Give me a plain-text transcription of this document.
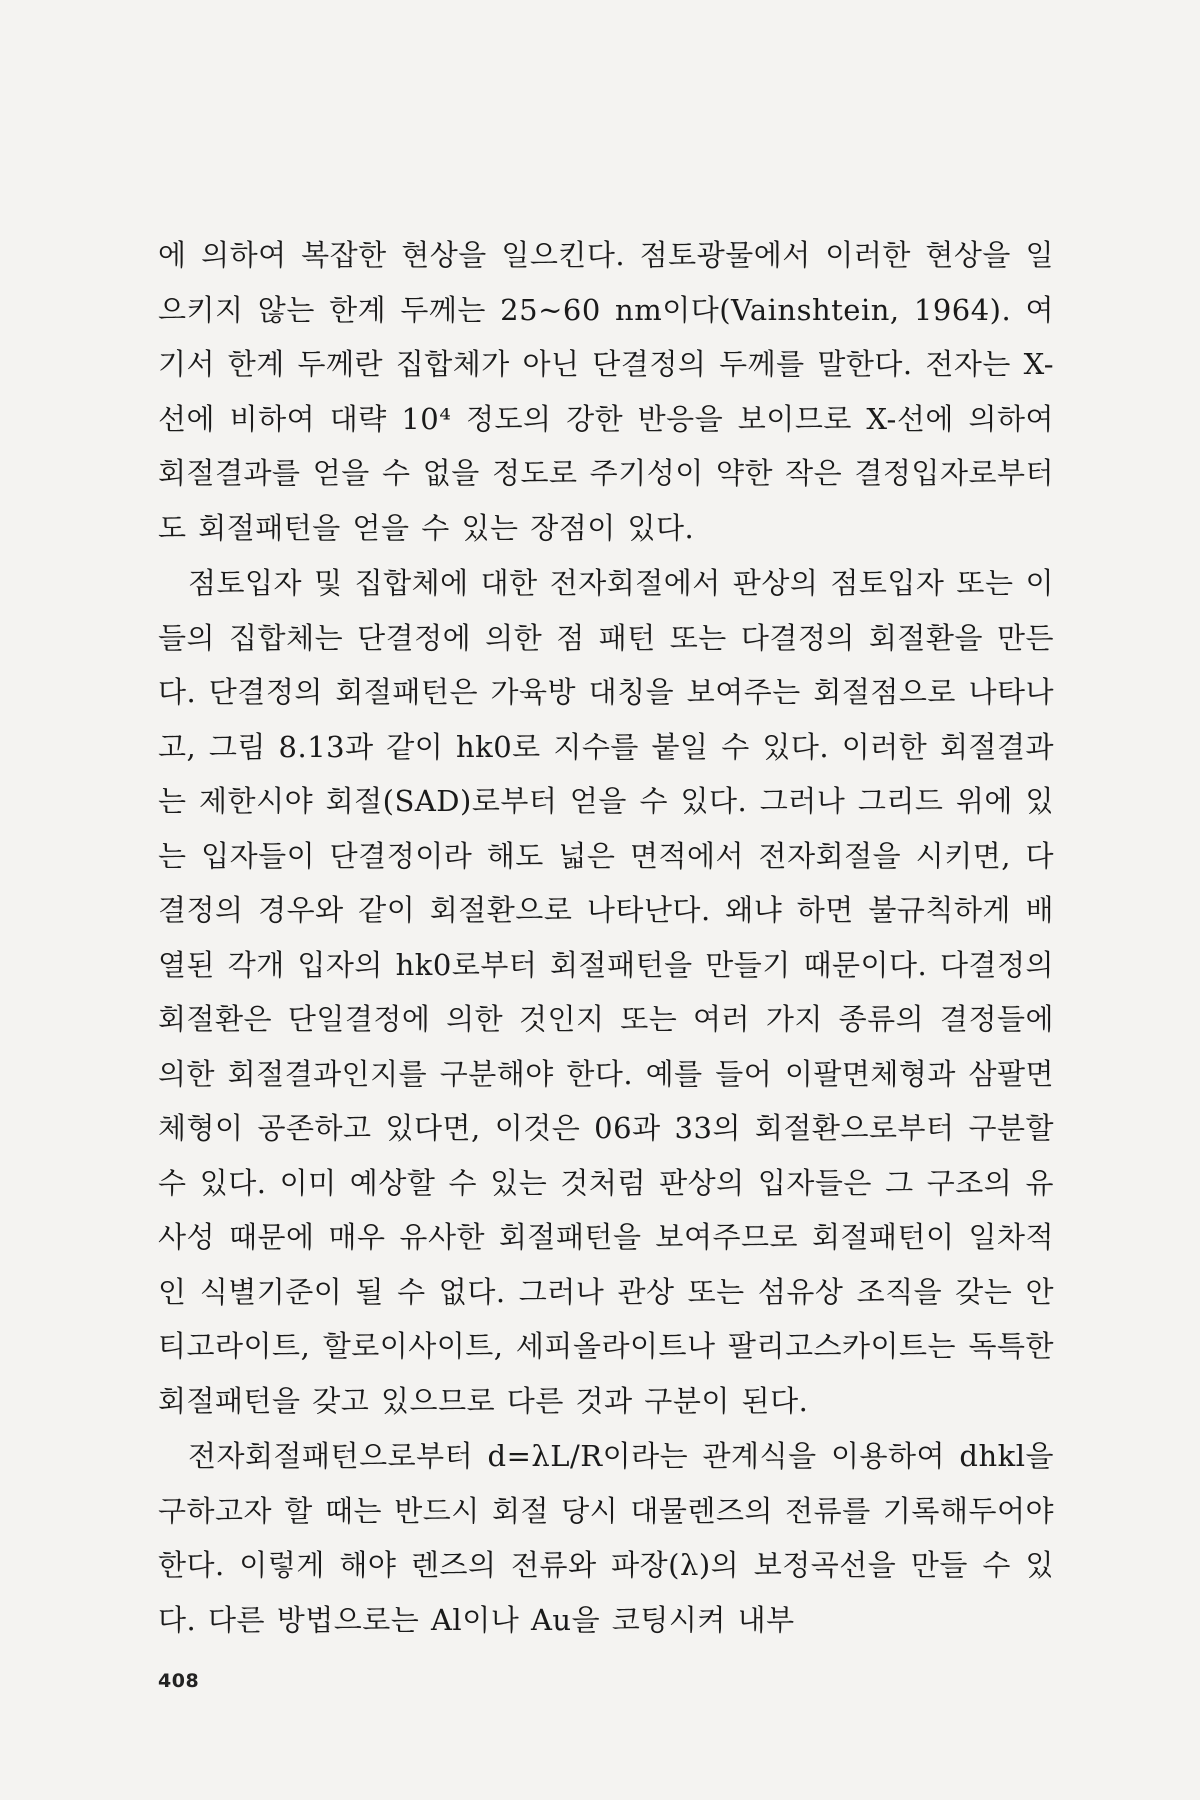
에 의하여 복잡한 현상을 일으킨다. 점토광물에서 이러한 현상을 일으키지 않는 한계 두께는 25~60 nm이다(Vainshtein, 1964). 여기서 한계 두께란 집합체가 아닌 단결정의 두께를 말한다. 전자는 X-선에 비하여 대략 10⁴ 정도의 강한 반응을 보이므로 X-선에 의하여 회절결과를 얻을 수 없을 정도로 주기성이 약한 작은 결정입자로부터도 회절패턴을 얻을 수 있는 장점이 있다.

점토입자 및 집합체에 대한 전자회절에서 판상의 점토입자 또는 이들의 집합체는 단결정에 의한 점 패턴 또는 다결정의 회절환을 만든다. 단결정의 회절패턴은 가육방 대칭을 보여주는 회절점으로 나타나고, 그림 8.13과 같이 hk0로 지수를 붙일 수 있다. 이러한 회절결과는 제한시야 회절(SAD)로부터 얻을 수 있다. 그러나 그리드 위에 있는 입자들이 단결정이라 해도 넓은 면적에서 전자회절을 시키면, 다결정의 경우와 같이 회절환으로 나타난다. 왜냐 하면 불규칙하게 배열된 각개 입자의 hk0로부터 회절패턴을 만들기 때문이다. 다결정의 회절환은 단일결정에 의한 것인지 또는 여러 가지 종류의 결정들에 의한 회절결과인지를 구분해야 한다. 예를 들어 이팔면체형과 삼팔면체형이 공존하고 있다면, 이것은 06과 33의 회절환으로부터 구분할 수 있다. 이미 예상할 수 있는 것처럼 판상의 입자들은 그 구조의 유사성 때문에 매우 유사한 회절패턴을 보여주므로 회절패턴이 일차적인 식별기준이 될 수 없다. 그러나 관상 또는 섬유상 조직을 갖는 안티고라이트, 할로이사이트, 세피올라이트나 팔리고스카이트는 독특한 회절패턴을 갖고 있으므로 다른 것과 구분이 된다.

전자회절패턴으로부터 d=λL/R이라는 관계식을 이용하여 dhkl을 구하고자 할 때는 반드시 회절 당시 대물렌즈의 전류를 기록해두어야 한다. 이렇게 해야 렌즈의 전류와 파장(λ)의 보정곡선을 만들 수 있다. 다른 방법으로는 Al이나 Au을 코팅시켜 내부

408
